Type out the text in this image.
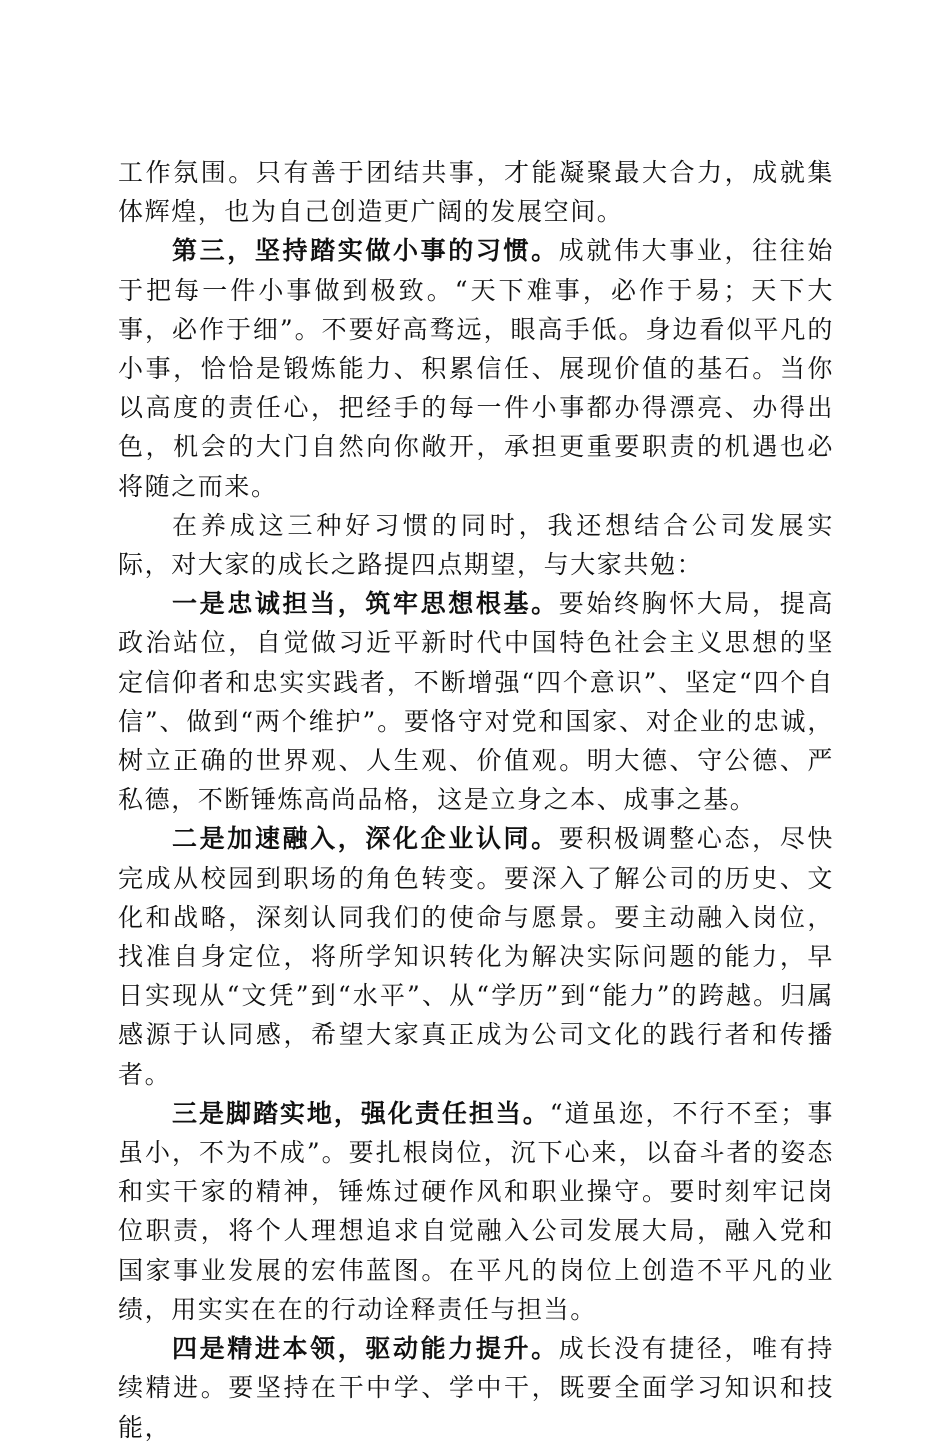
工作氛围。只有善于团结共事，才能凝聚最大合力，成就集体辉煌，也为自己创造更广阔的发展空间。

第三，坚持踏实做小事的习惯。成就伟大事业，往往始于把每一件小事做到极致。“天下难事，必作于易；天下大事，必作于细”。不要好高骛远，眼高手低。身边看似平凡的小事，恰恰是锻炼能力、积累信任、展现价值的基石。当你以高度的责任心，把经手的每一件小事都办得漂亮、办得出色，机会的大门自然向你敞开，承担更重要职责的机遇也必将随之而来。

在养成这三种好习惯的同时，我还想结合公司发展实际，对大家的成长之路提四点期望，与大家共勉：

一是忠诚担当，筑牢思想根基。要始终胸怀大局，提高政治站位，自觉做习近平新时代中国特色社会主义思想的坚定信仰者和忠实实践者，不断增强“四个意识”、坚定“四个自信”、做到“两个维护”。要恪守对党和国家、对企业的忠诚，树立正确的世界观、人生观、价值观。明大德、守公德、严私德，不断锤炼高尚品格，这是立身之本、成事之基。

二是加速融入，深化企业认同。要积极调整心态，尽快完成从校园到职场的角色转变。要深入了解公司的历史、文化和战略，深刻认同我们的使命与愿景。要主动融入岗位，找准自身定位，将所学知识转化为解决实际问题的能力，早日实现从“文凭”到“水平”、从“学历”到“能力”的跨越。归属感源于认同感，希望大家真正成为公司文化的践行者和传播者。

三是脚踏实地，强化责任担当。“道虽迩，不行不至；事虽小，不为不成”。要扎根岗位，沉下心来，以奋斗者的姿态和实干家的精神，锤炼过硬作风和职业操守。要时刻牢记岗位职责，将个人理想追求自觉融入公司发展大局，融入党和国家事业发展的宏伟蓝图。在平凡的岗位上创造不平凡的业绩，用实实在在的行动诠释责任与担当。

四是精进本领，驱动能力提升。成长没有捷径，唯有持续精进。要坚持在干中学、学中干，既要全面学习知识和技能，
